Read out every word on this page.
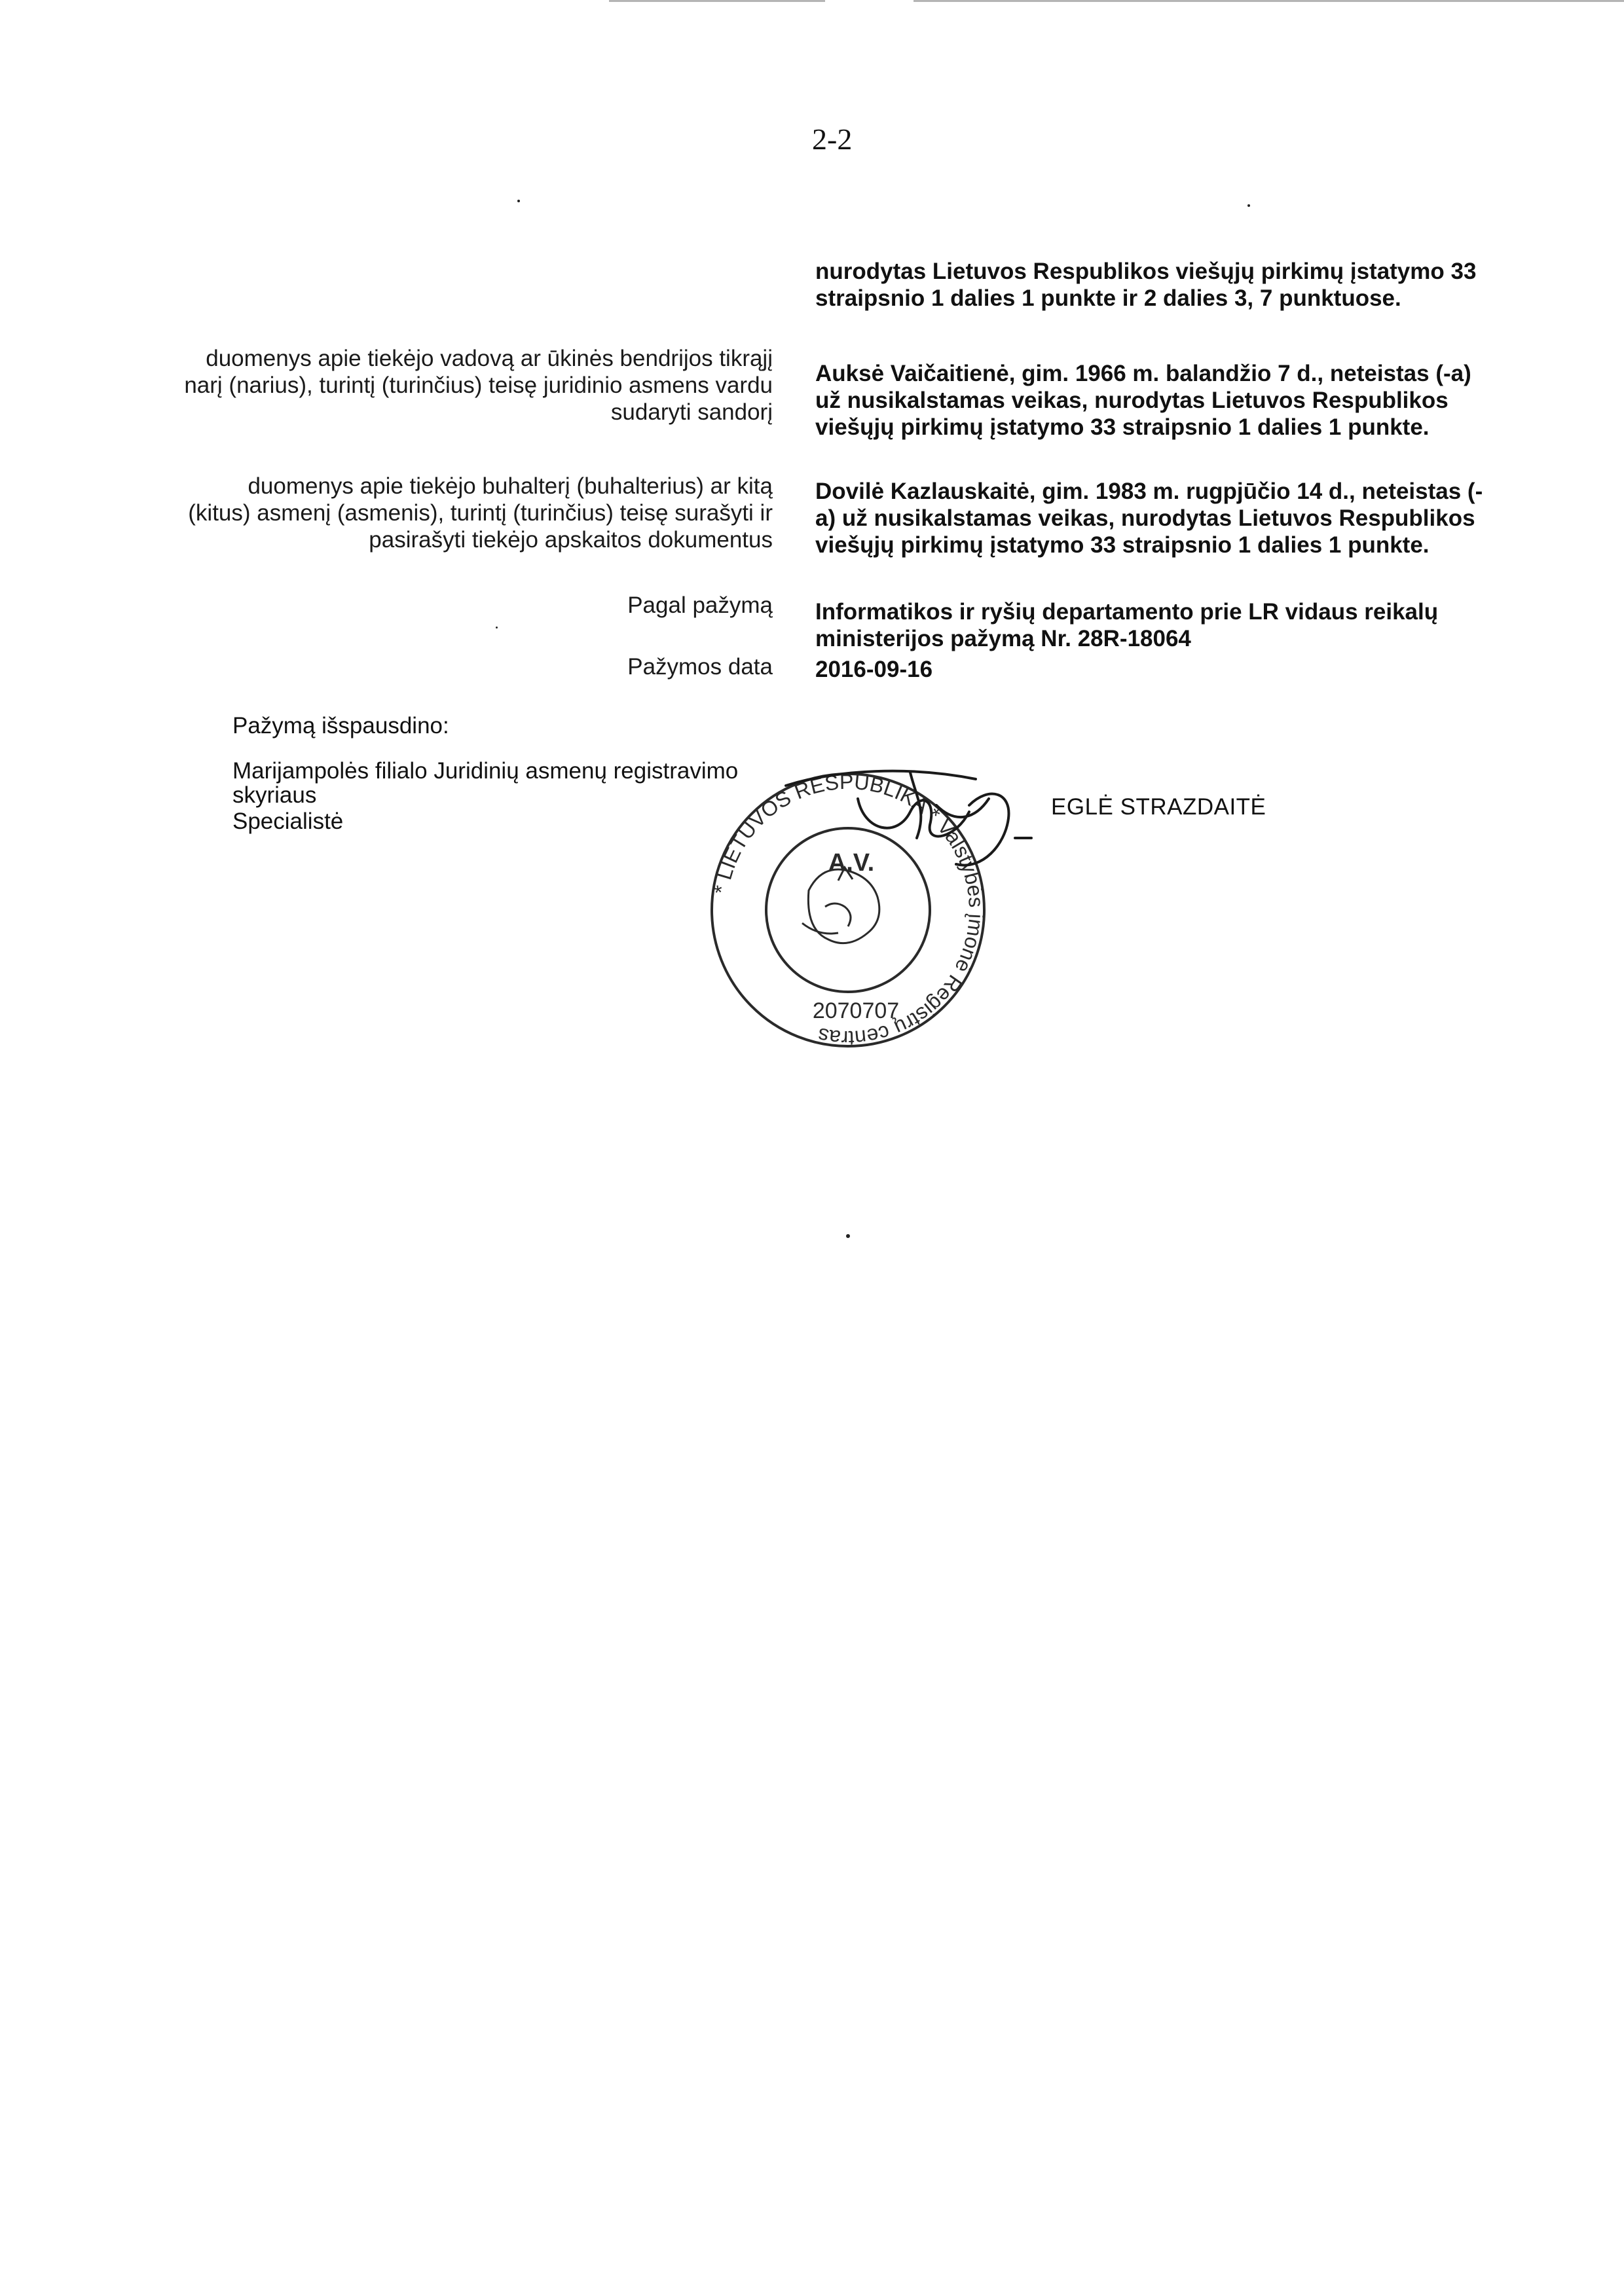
2-2
nurodytas Lietuvos Respublikos viešųjų pirkimų įstatymo 33 straipsnio 1 dalies 1 punkte ir 2 dalies 3, 7 punktuose.
duomenys apie tiekėjo vadovą ar ūkinės bendrijos tikrąjį narį (narius), turintį (turinčius) teisę juridinio asmens vardu sudaryti sandorį
Auksė Vaičaitienė, gim. 1966 m. balandžio 7 d., neteistas (-a) už nusikalstamas veikas, nurodytas Lietuvos Respublikos viešųjų pirkimų įstatymo 33 straipsnio 1 dalies 1 punkte.
duomenys apie tiekėjo buhalterį (buhalterius) ar kitą (kitus) asmenį (asmenis), turintį (turinčius) teisę surašyti ir pasirašyti tiekėjo apskaitos dokumentus
Dovilė Kazlauskaitė, gim. 1983 m. rugpjūčio 14 d., neteistas (-a) už nusikalstamas veikas, nurodytas Lietuvos Respublikos viešųjų pirkimų įstatymo 33 straipsnio 1 dalies 1 punkte.
Pagal pažymą Informatikos ir ryšių departamento prie LR vidaus reikalų ministerijos pažymą Nr. 28R-18064
Pažymos data 2016-09-16
Pažymą išspausdino:
Marijampolės filialo Juridinių asmenų registravimo
skyriaus
Specialistė
* LIETUVOS RESPUBLIKA * Valstybės įmonė Registrų centras
A.V.
2070707
EGLĖ STRAZDAITĖ
